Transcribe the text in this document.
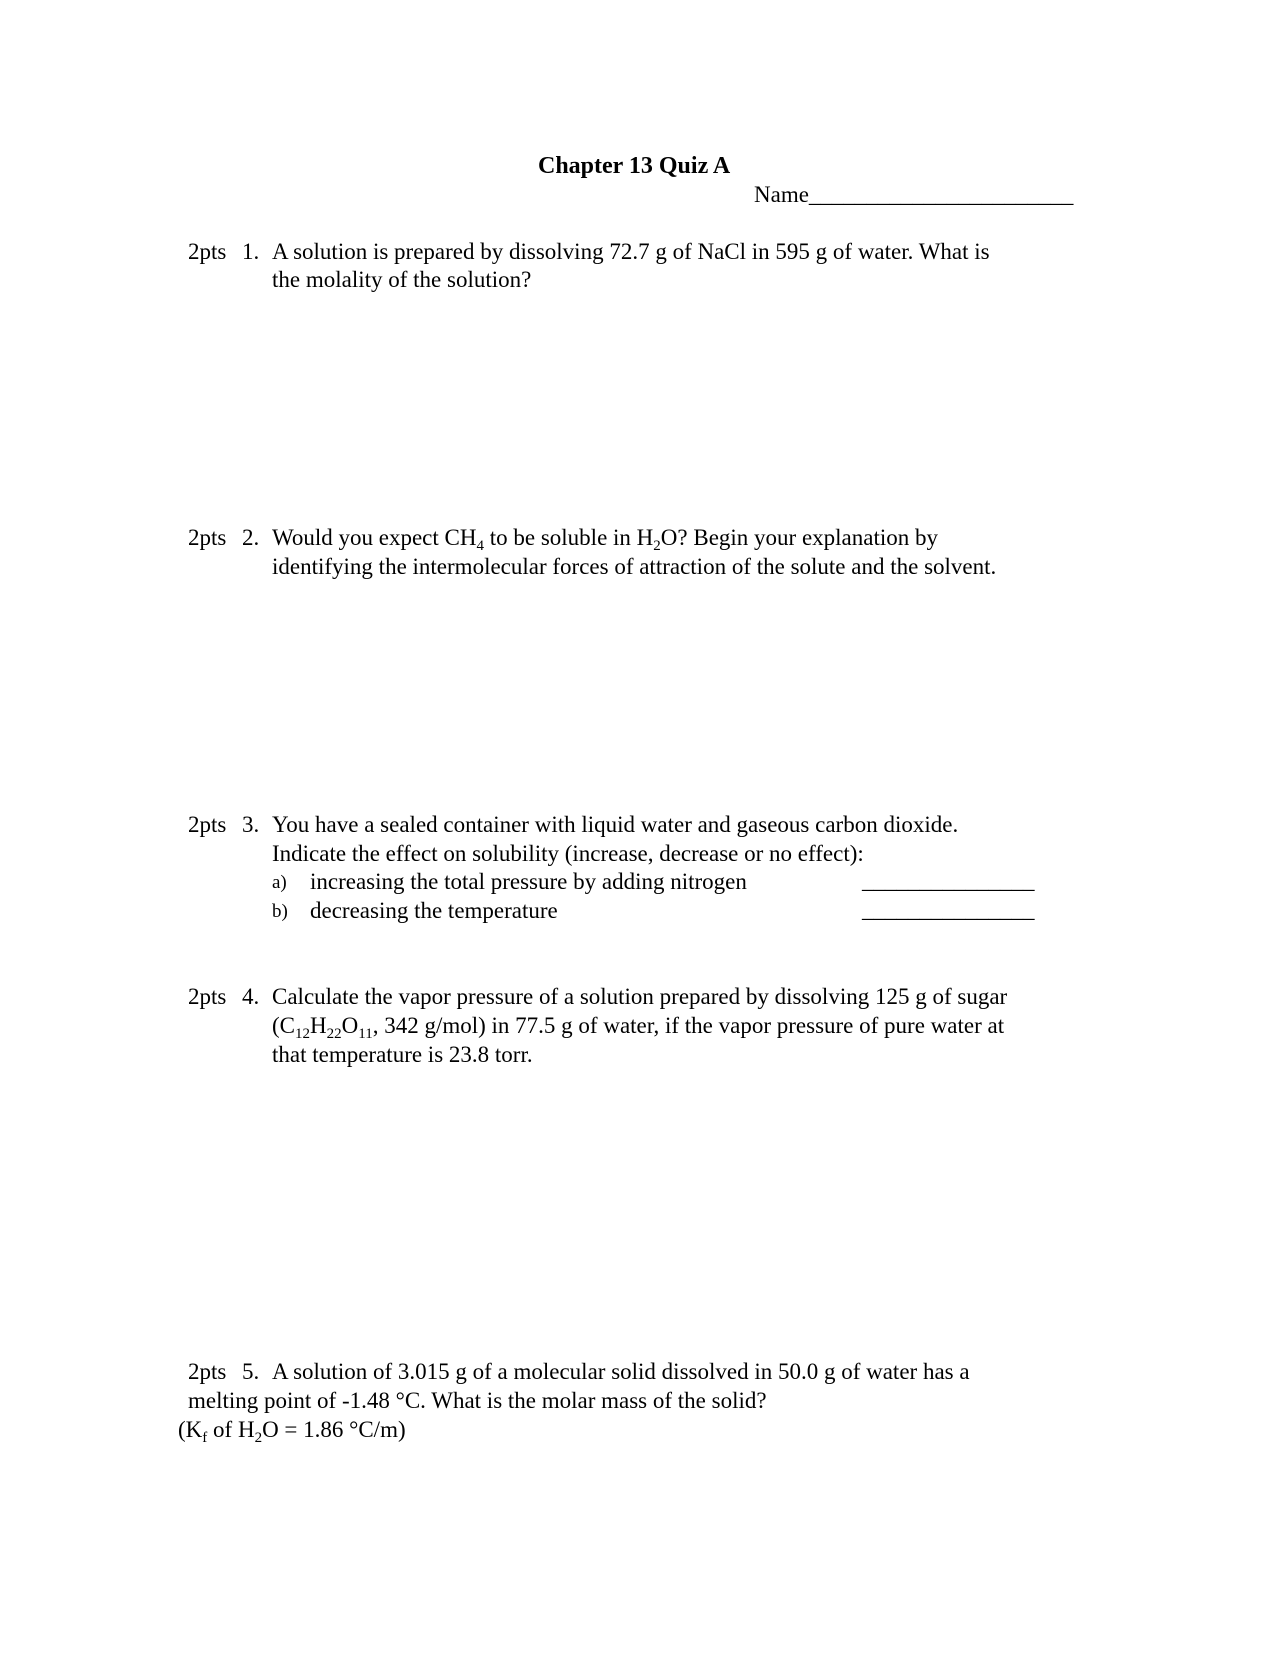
Chapter 13 Quiz A
Name_______________________
2pts 1. A solution is prepared by dissolving 72.7 g of NaCl in 595 g of water. What is
the molality of the solution?
2pts 2. Would you expect $CH_4$ to be soluble in $H_2O$? Begin your explanation by
identifying the intermolecular forces of attraction of the solute and the solvent.
2pts 3. You have a sealed container with liquid water and gaseous carbon dioxide.
Indicate the effect on solubility (increase, decrease or no effect):
a) increasing the total pressure by adding nitrogen	_______________
b) decreasing the temperature	_______________
2pts 4. Calculate the vapor pressure of a solution prepared by dissolving 125 g of sugar
($C_{12}H_{22}O_{11}$, 342 g/mol) in 77.5 g of water, if the vapor pressure of pure water at
that temperature is 23.8 torr.
2pts 5. A solution of 3.015 g of a molecular solid dissolved in 50.0 g of water has a
melting point of -1.48 °C. What is the molar mass of the solid?
($K_f$ of $H_2O = 1.86$ °C/m)
